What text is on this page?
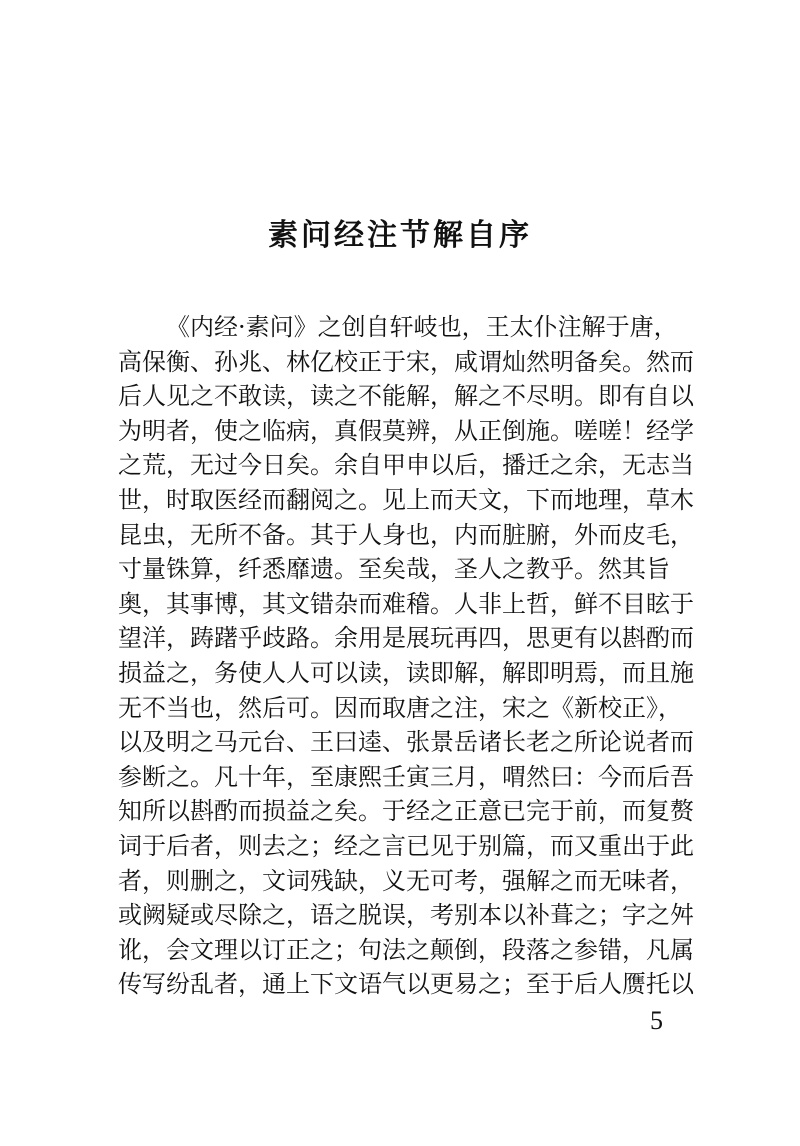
素问经注节解自序
《内经·素问》之创自轩岐也，王太仆注解于唐，
高保衡、孙兆、林亿校正于宋，咸谓灿然明备矣。然而
后人见之不敢读，读之不能解，解之不尽明。即有自以
为明者，使之临病，真假莫辨，从正倒施。嗟嗟！经学
之荒，无过今日矣。余自甲申以后，播迁之余，无志当
世，时取医经而翻阅之。见上而天文，下而地理，草木
昆虫，无所不备。其于人身也，内而脏腑，外而皮毛，
寸量铢算，纤悉靡遗。至矣哉，圣人之教乎。然其旨
奥，其事博，其文错杂而难稽。人非上哲，鲜不目眩于
望洋，踌躇乎歧路。余用是展玩再四，思更有以斟酌而
损益之，务使人人可以读，读即解，解即明焉，而且施
无不当也，然后可。因而取唐之注，宋之《新校正》，
以及明之马元台、王曰逵、张景岳诸长老之所论说者而
参断之。凡十年，至康熙壬寅三月，喟然曰：今而后吾
知所以斟酌而损益之矣。于经之正意已完于前，而复赘
词于后者，则去之；经之言已见于别篇，而又重出于此
者，则删之，文词残缺，义无可考，强解之而无味者，
或阙疑或尽除之，语之脱误，考别本以补葺之；字之舛
讹，会文理以订正之；句法之颠倒，段落之参错，凡属
传写纷乱者，通上下文语气以更易之；至于后人赝托以
5
